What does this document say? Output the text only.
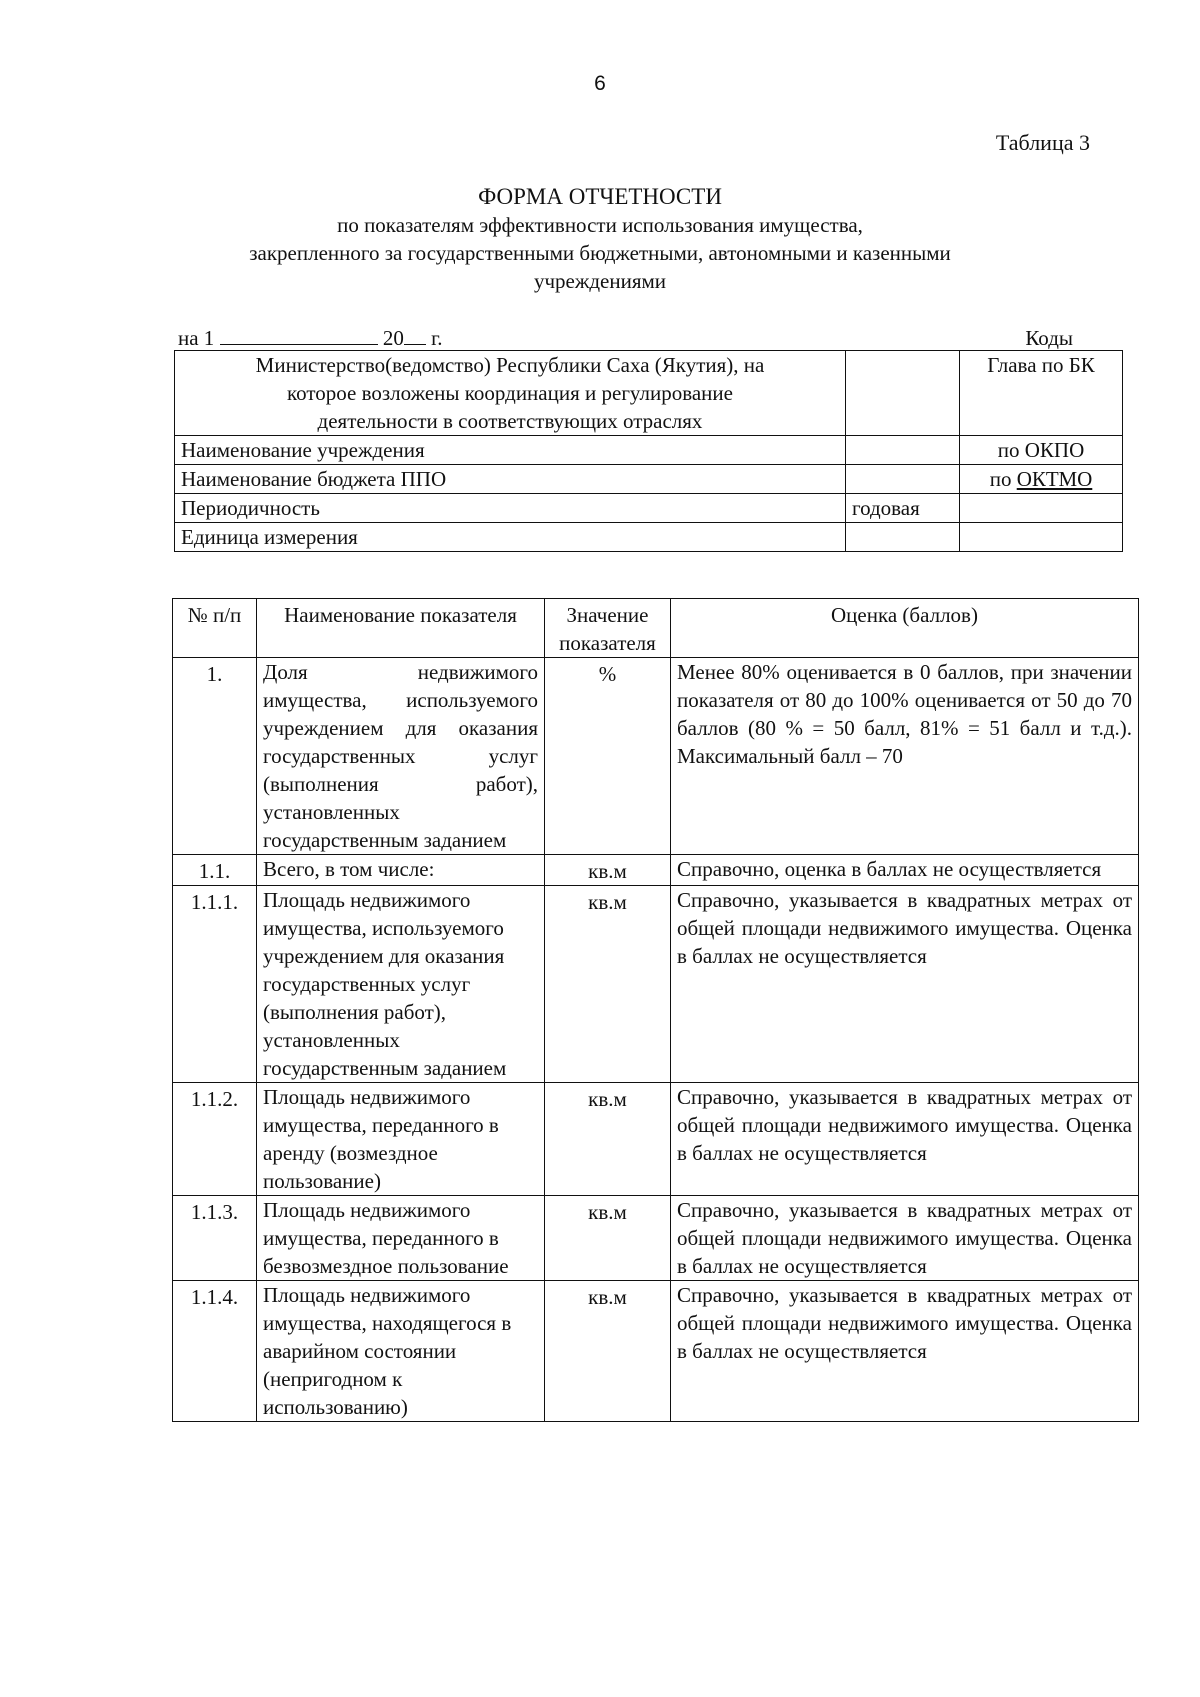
6
Таблица 3
ФОРМА ОТЧЕТНОСТИ
по показателям эффективности использования имущества,
закрепленного за государственными бюджетными, автономными и казенными
учреждениями
на 1	20 г.	Коды
Министерство(ведомство) Республики Саха (Якутия), на
которое возложены координация и регулирование
деятельности в соответствующих отраслях		Глава по БК
Наименование учреждения		по ОКПО
Наименование бюджета ППО		по ОКТМО
Периодичность	годовая	
Единица измерения		
№ п/п	Наименование показателя	Значение показателя	Оценка (баллов)
1.	Доля недвижимого имущества, используемого учреждением для оказания государственных услуг (выполнения работ), установленных государственным заданием	%	Менее 80% оценивается в 0 баллов, при значении показателя от 80 до 100% оценивается от 50 до 70 баллов (80 % = 50 балл, 81% = 51 балл и т.д.). Максимальный балл – 70
1.1.	Всего, в том числе:	кв.м	Справочно, оценка в баллах не осуществляется
1.1.1.	Площадь недвижимого имущества, используемого учреждением для оказания государственных услуг (выполнения работ), установленных государственным заданием	кв.м	Справочно, указывается в квадратных метрах от общей площади недвижимого имущества. Оценка в баллах не осуществляется
1.1.2.	Площадь недвижимого имущества, переданного в аренду (возмездное пользование)	кв.м	Справочно, указывается в квадратных метрах от общей площади недвижимого имущества. Оценка в баллах не осуществляется
1.1.3.	Площадь недвижимого имущества, переданного в безвозмездное пользование	кв.м	Справочно, указывается в квадратных метрах от общей площади недвижимого имущества. Оценка в баллах не осуществляется
1.1.4.	Площадь недвижимого имущества, находящегося в аварийном состоянии (непригодном к использованию)	кв.м	Справочно, указывается в квадратных метрах от общей площади недвижимого имущества. Оценка в баллах не осуществляется
